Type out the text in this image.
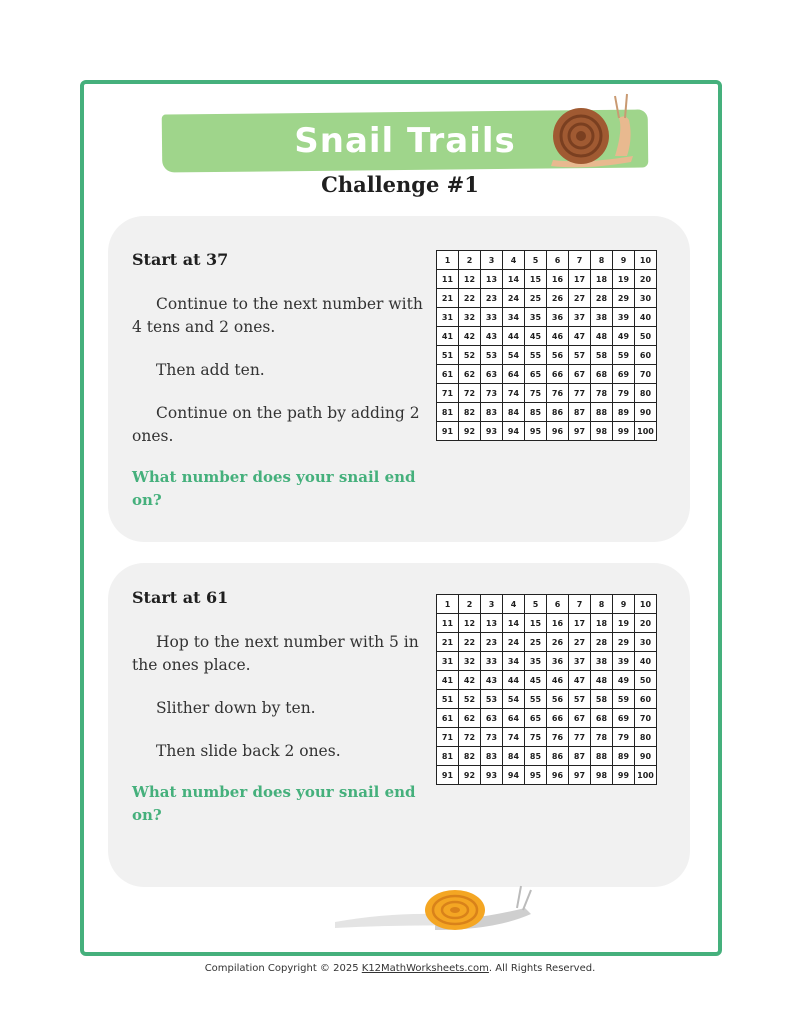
Snail Trails
Challenge #1
Start at 37

Continue to the next number with 4 tens and 2 ones.

Then add ten.

Continue on the path by adding 2 ones.

What number does your snail end on?
1	2	3	4	5	6	7	8	9	10
11	12	13	14	15	16	17	18	19	20
21	22	23	24	25	26	27	28	29	30
31	32	33	34	35	36	37	38	39	40
41	42	43	44	45	46	47	48	49	50
51	52	53	54	55	56	57	58	59	60
61	62	63	64	65	66	67	68	69	70
71	72	73	74	75	76	77	78	79	80
81	82	83	84	85	86	87	88	89	90
91	92	93	94	95	96	97	98	99	100
Start at 61

Hop to the next number with 5 in the ones place.

Slither down by ten.

Then slide back 2 ones.

What number does your snail end on?
1	2	3	4	5	6	7	8	9	10
11	12	13	14	15	16	17	18	19	20
21	22	23	24	25	26	27	28	29	30
31	32	33	34	35	36	37	38	39	40
41	42	43	44	45	46	47	48	49	50
51	52	53	54	55	56	57	58	59	60
61	62	63	64	65	66	67	68	69	70
71	72	73	74	75	76	77	78	79	80
81	82	83	84	85	86	87	88	89	90
91	92	93	94	95	96	97	98	99	100
Compilation Copyright © 2025 K12MathWorksheets.com. All Rights Reserved.
